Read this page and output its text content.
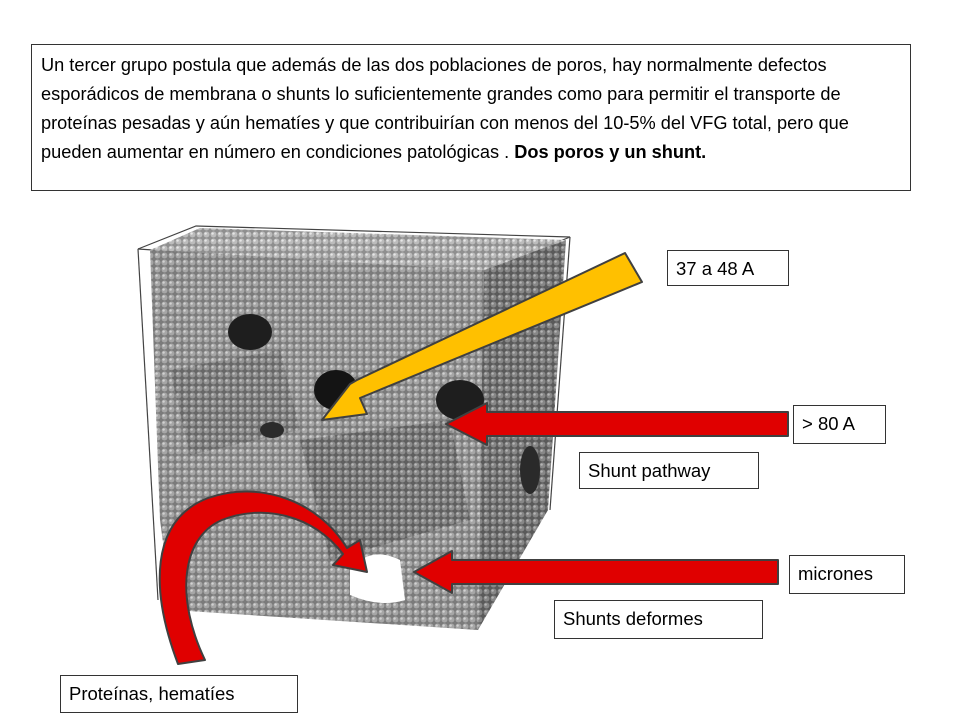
Un tercer grupo postula que además de las dos poblaciones de poros, hay normalmente defectos esporádicos de membrana o shunts lo suficientemente grandes como para permitir el transporte de proteínas pesadas y aún hematíes y que contribuirían con menos del 10-5% del VFG total, pero que pueden aumentar en número en condiciones patológicas . Dos poros y un shunt.
37 a 48 A
> 80 A
Shunt pathway
micrones
Shunts deformes
Proteínas, hematíes
